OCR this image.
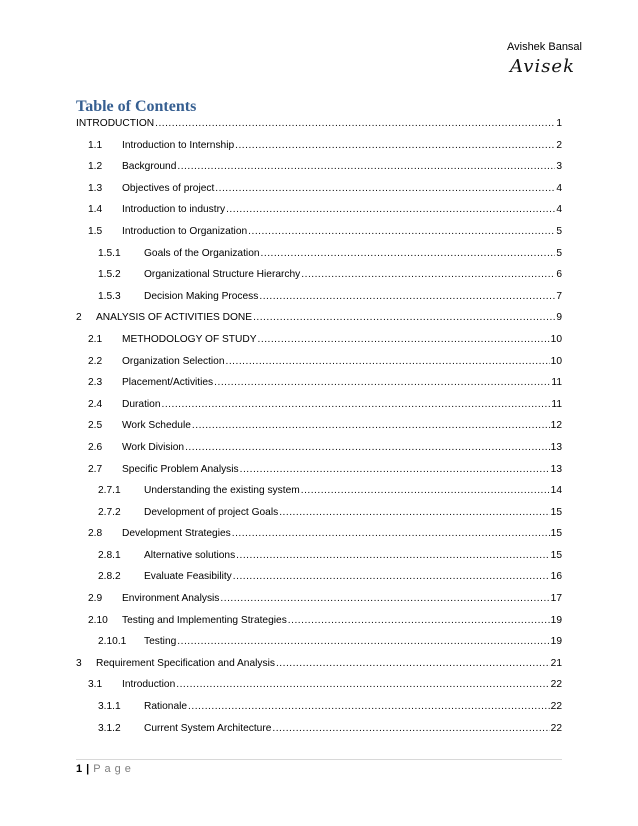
Avishek Bansal
Avisek
Table of Contents
INTRODUCTION .....	1
1.1	Introduction to Internship .....	2
1.2	Background .....	3
1.3	Objectives of project .....	4
1.4	Introduction to industry .....	4
1.5	Introduction to Organization .....	5
1.5.1	Goals of the Organization .....	5
1.5.2	Organizational Structure Hierarchy .....	6
1.5.3	Decision Making Process .....	7
2	ANALYSIS OF ACTIVITIES DONE .....	9
2.1	METHODOLOGY OF STUDY .....	10
2.2	Organization Selection .....	10
2.3	Placement/Activities .....	11
2.4	Duration .....	11
2.5	Work Schedule .....	12
2.6	Work Division .....	13
2.7	Specific Problem Analysis .....	13
2.7.1	Understanding the existing system .....	14
2.7.2	Development of project Goals .....	15
2.8	Development Strategies .....	15
2.8.1	Alternative solutions .....	15
2.8.2	Evaluate Feasibility .....	16
2.9	Environment Analysis .....	17
2.10	Testing and Implementing Strategies .....	19
2.10.1	Testing .....	19
3	Requirement Specification and Analysis .....	21
3.1	Introduction .....	22
3.1.1	Rationale .....	22
3.1.2	Current System Architecture .....	22
1 | Page
